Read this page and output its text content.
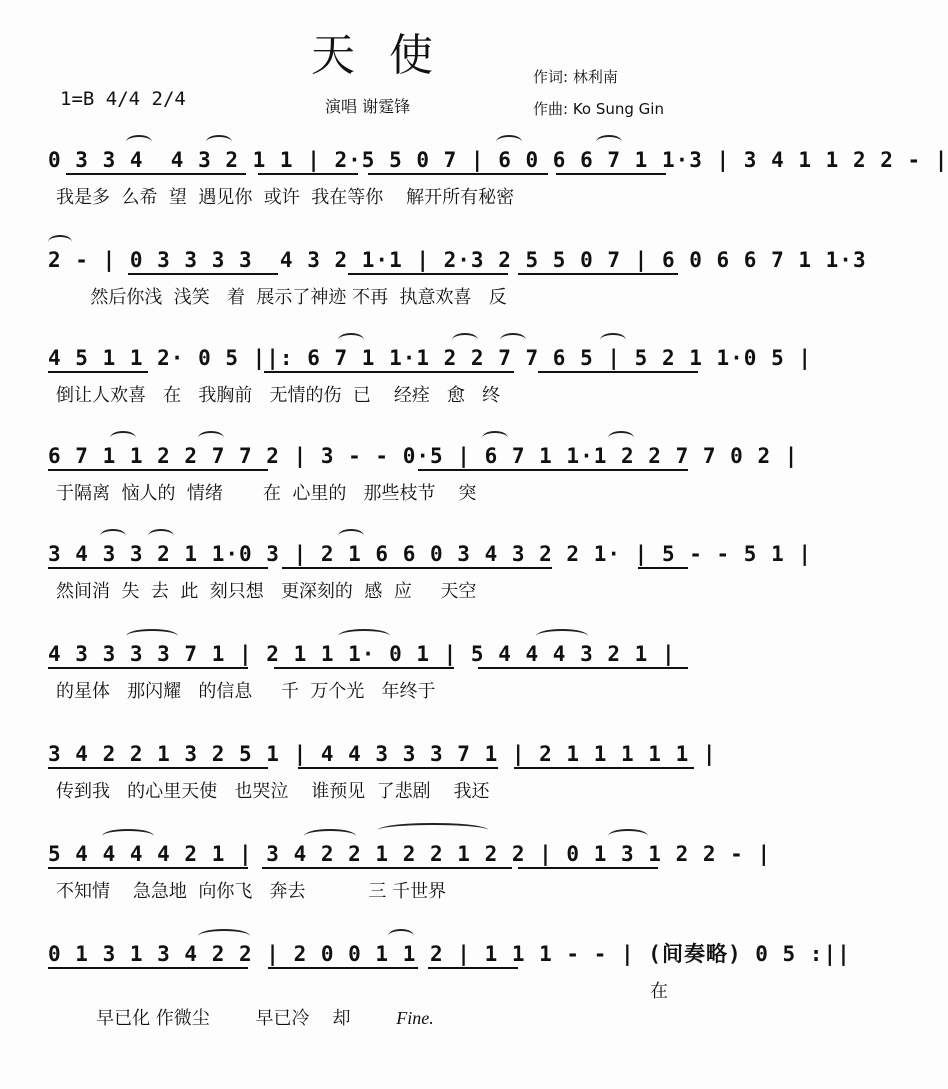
天 使
1=B 4/4 2/4	演唱 谢霆锋
作词: 林利南
作曲: Ko Sung Gin
0 3 3 4  4 3 2 1 1 | 2·5 5 0 7 | 6 0 6 6 7 1 1·3 | 3 4 1 1 2 2 - |
我是多  么希  望  遇见你  或许  我在等你    解开所有秘密
2 - | 0 3 3 3 3  4 3 2 1·1 | 2·3 2 5 5 0 7 | 6 0 6 6 7 1 1·3
然后你浅  浅笑   着  展示了神迹 不再  执意欢喜   反
4 5 1 1 2· 0 5 ||: 6 7 1 1·1 2 2 7 7 6 5 | 5 2 1 1·0 5 |
倒让人欢喜   在   我胸前   无情的伤  已    经痊   愈   终
6 7 1 1 2 2 7 7 2 | 3 - - 0·5 | 6 7 1 1·1 2 2 7 7 0 2 |
于隔离  恼人的  情绪       在  心里的   那些枝节    突
3 4 3 3 2 1 1·0 3 | 2 1 6 6 0 3 4 3 2 2 1· | 5 - - 5 1 |
然间消  失  去  此  刻只想   更深刻的  感  应     天空
4 3 3 3 3 7 1 | 2 1 1 1· 0 1 | 5 4 4 4 3 2 1 |
的星体   那闪耀   的信息     千  万个光   年终于
3 4 2 2 1 3 2 5 1 | 4 4 3 3 3 7 1 | 2 1 1 1 1 1 |
传到我   的心里天使   也哭泣    谁预见  了悲剧    我还
5 4 4 4 4 2 1 | 3 4 2 2 1 2 2 1 2 2 | 0 1 3 1 2 2 - |
不知情    急急地  向你飞   奔去           三 千世界
0 1 3 1 3 4 2 2 | 2 0 0 1 1 2 | 1 1 1 - - | (间奏略) 0 5 :||

早已化 作微尘        早已冷    却        Fine.
在
